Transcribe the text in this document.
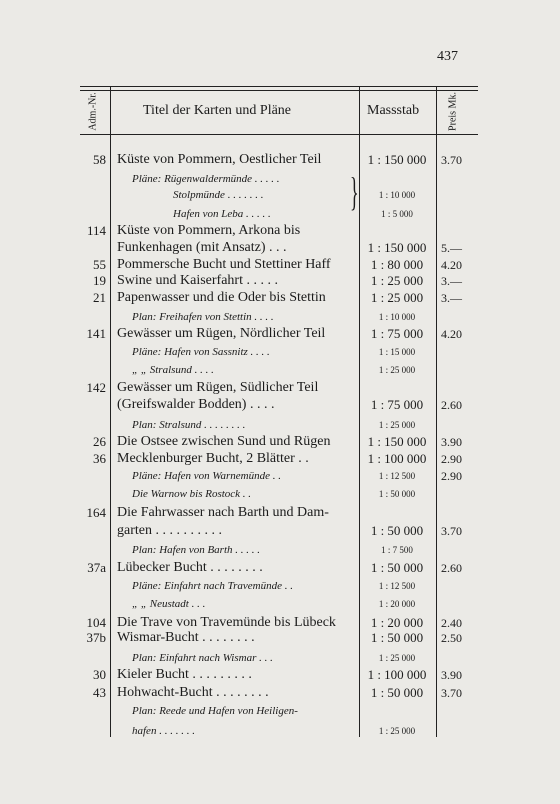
437
Adm.-Nr.	Titel der Karten und Pläne	Massstab	Preis Mk.
}
58 Küste von Pommern, Oestlicher Teil	1 : 150 000	3.70
Pläne: Rügenwaldermünde . . . . .
Stolpmünde . . . . . . .	1 : 10 000
Hafen von Leba . . . . .	1 : 5 000
114 Küste von Pommern, Arkona bis
Funkenhagen (mit Ansatz) . . .	1 : 150 000	5.—
55 Pommersche Bucht und Stettiner Haff	1 : 80 000	4.20
19 Swine und Kaiserfahrt . . . . .	1 : 25 000	3.—
21 Papenwasser und die Oder bis Stettin	1 : 25 000	3.—
Plan: Freihafen von Stettin . . . .	1 : 10 000
141 Gewässer um Rügen, Nördlicher Teil	1 : 75 000	4.20
Pläne: Hafen von Sassnitz . . . .	1 : 15 000
„ „ Stralsund . . . .	1 : 25 000
142 Gewässer um Rügen, Südlicher Teil
(Greifswalder Bodden) . . . .	1 : 75 000	2.60
Plan: Stralsund . . . . . . . .	1 : 25 000
26 Die Ostsee zwischen Sund und Rügen	1 : 150 000	3.90
36 Mecklenburger Bucht, 2 Blätter . .	1 : 100 000	2.90
Pläne: Hafen von Warnemünde . .	1 : 12 500	2.90
Die Warnow bis Rostock . .	1 : 50 000
164 Die Fahrwasser nach Barth und Dam-
garten . . . . . . . . . .	1 : 50 000	3.70
Plan: Hafen von Barth . . . . .	1 : 7 500
37a Lübecker Bucht . . . . . . . .	1 : 50 000	2.60
Pläne: Einfahrt nach Travemünde . .	1 : 12 500
„ „ Neustadt . . .	1 : 20 000
104 Die Trave von Travemünde bis Lübeck	1 : 20 000	2.40
37b Wismar-Bucht . . . . . . . .	1 : 50 000	2.50
Plan: Einfahrt nach Wismar . . .	1 : 25 000
30 Kieler Bucht . . . . . . . . .	1 : 100 000	3.90
43 Hohwacht-Bucht . . . . . . . .	1 : 50 000	3.70
Plan: Reede und Hafen von Heiligen-
hafen . . . . . . .	1 : 25 000
